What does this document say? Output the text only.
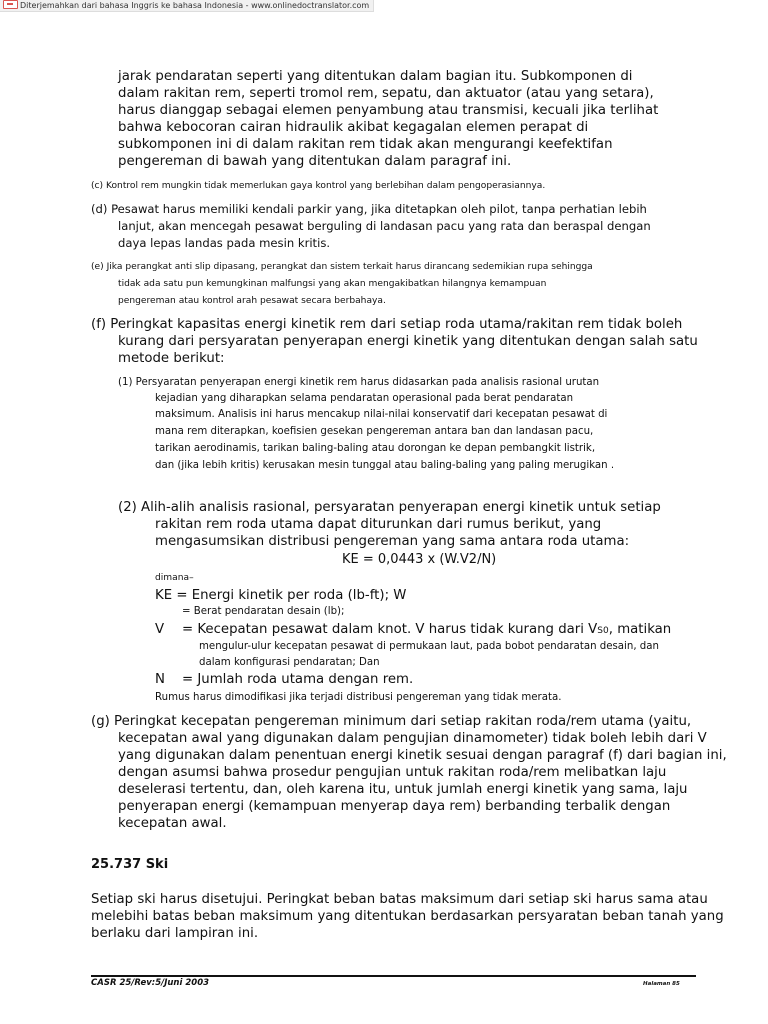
Diterjemahkan dari bahasa Inggris ke bahasa Indonesia - www.onlinedoctranslator.com

jarak pendaratan seperti yang ditentukan dalam bagian itu. Subkomponen di

dalam rakitan rem, seperti tromol rem, sepatu, dan aktuator (atau yang setara),

harus dianggap sebagai elemen penyambung atau transmisi, kecuali jika terlihat

bahwa kebocoran cairan hidraulik akibat kegagalan elemen perapat di

subkomponen ini di dalam rakitan rem tidak akan mengurangi keefektifan

pengereman di bawah yang ditentukan dalam paragraf ini.

(c) Kontrol rem mungkin tidak memerlukan gaya kontrol yang berlebihan dalam pengoperasiannya.

(d) Pesawat harus memiliki kendali parkir yang, jika ditetapkan oleh pilot, tanpa perhatian lebih

lanjut, akan mencegah pesawat berguling di landasan pacu yang rata dan beraspal dengan

daya lepas landas pada mesin kritis.

(e) Jika perangkat anti slip dipasang, perangkat dan sistem terkait harus dirancang sedemikian rupa sehingga

tidak ada satu pun kemungkinan malfungsi yang akan mengakibatkan hilangnya kemampuan

pengereman atau kontrol arah pesawat secara berbahaya.

(f) Peringkat kapasitas energi kinetik rem dari setiap roda utama/rakitan rem tidak boleh

kurang dari persyaratan penyerapan energi kinetik yang ditentukan dengan salah satu

metode berikut:

(1) Persyaratan penyerapan energi kinetik rem harus didasarkan pada analisis rasional urutan

kejadian yang diharapkan selama pendaratan operasional pada berat pendaratan

maksimum. Analisis ini harus mencakup nilai-nilai konservatif dari kecepatan pesawat di

mana rem diterapkan, koefisien gesekan pengereman antara ban dan landasan pacu,

tarikan aerodinamis, tarikan baling-baling atau dorongan ke depan pembangkit listrik,

dan (jika lebih kritis) kerusakan mesin tunggal atau baling-baling yang paling merugikan .

(2) Alih-alih analisis rasional, persyaratan penyerapan energi kinetik untuk setiap

rakitan rem roda utama dapat diturunkan dari rumus berikut, yang

mengasumsikan distribusi pengereman yang sama antara roda utama:

KE = 0,0443 x (W.V2/N)

dimana–

KE = Energi kinetik per roda (lb-ft); W

= Berat pendaratan desain (lb);

V = Kecepatan pesawat dalam knot. V harus tidak kurang dari VS0, matikan

mengulur-ulur kecepatan pesawat di permukaan laut, pada bobot pendaratan desain, dan

dalam konfigurasi pendaratan; Dan

N = Jumlah roda utama dengan rem.

Rumus harus dimodifikasi jika terjadi distribusi pengereman yang tidak merata.

(g) Peringkat kecepatan pengereman minimum dari setiap rakitan roda/rem utama (yaitu,

kecepatan awal yang digunakan dalam pengujian dinamometer) tidak boleh lebih dari V

yang digunakan dalam penentuan energi kinetik sesuai dengan paragraf (f) dari bagian ini,

dengan asumsi bahwa prosedur pengujian untuk rakitan roda/rem melibatkan laju

deselerasi tertentu, dan, oleh karena itu, untuk jumlah energi kinetik yang sama, laju

penyerapan energi (kemampuan menyerap daya rem) berbanding terbalik dengan

kecepatan awal.

25.737 Ski

Setiap ski harus disetujui. Peringkat beban batas maksimum dari setiap ski harus sama atau

melebihi batas beban maksimum yang ditentukan berdasarkan persyaratan beban tanah yang

berlaku dari lampiran ini.

CASR 25/Rev:5/Juni 2003	Halaman 85
